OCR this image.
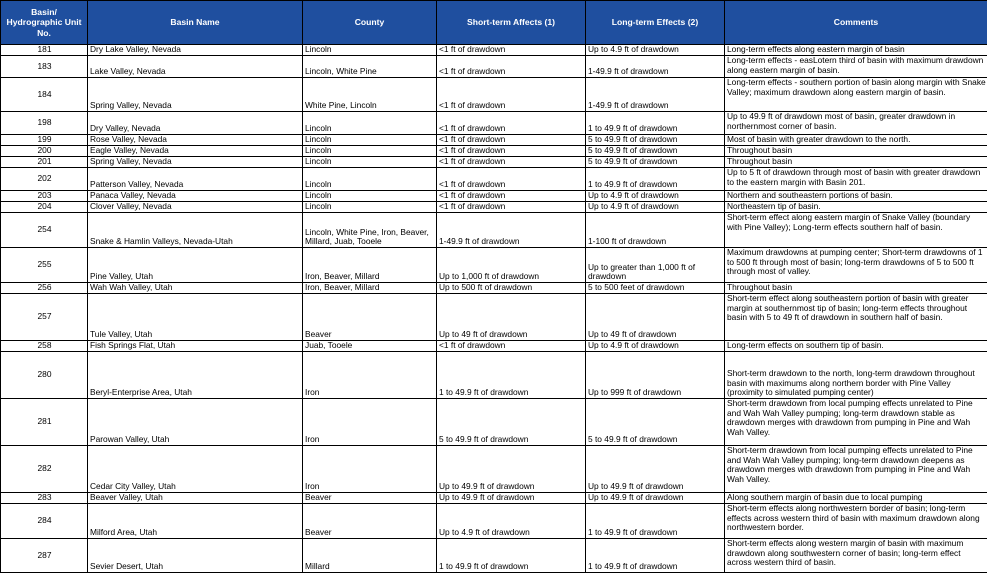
Basin/ Hydrographic Unit No.	Basin Name	County	Short-term Affects (1)	Long-term Effects (2)	Comments
181	Dry Lake Valley, Nevada	Lincoln	<1 ft of drawdown	Up to 4.9 ft of drawdown	Long-term effects along eastern margin of basin
183	Lake Valley, Nevada	Lincoln, White Pine	<1 ft of drawdown	1-49.9 ft of drawdown	Long-term effects - easLotern third of basin with maximum drawdown along eastern margin of basin.
184	Spring Valley, Nevada	White Pine, Lincoln	<1 ft of drawdown	1-49.9 ft of drawdown	Long-term effects - southern portion of basin along margin with Snake Valley; maximum drawdown along eastern margin of basin.
198	Dry Valley, Nevada	Lincoln	<1 ft of drawdown	1 to 49.9 ft of drawdown	Up to 49.9 ft of drawdown most of basin, greater drawdown in northernmost corner of basin.
199	Rose Valley, Nevada	Lincoln	<1 ft of drawdown	5 to 49.9 ft of drawdown	Most of basin with greater drawdown to the north.
200	Eagle Valley, Nevada	Lincoln	<1 ft of drawdown	5 to 49.9 ft of drawdown	Throughout basin
201	Spring Valley, Nevada	Lincoln	<1 ft of drawdown	5 to 49.9 ft of drawdown	Throughout basin
202	Patterson Valley, Nevada	Lincoln	<1 ft of drawdown	1 to 49.9 ft of drawdown	Up to 5 ft of drawdown through most of basin with greater drawdown to the eastern margin with Basin 201.
203	Panaca Valley, Nevada	Lincoln	<1 ft of drawdown	Up to 4.9 ft of drawdown	Northern and southeastern portions of basin.
204	Clover Valley, Nevada	Lincoln	<1 ft of drawdown	Up to 4.9 ft of drawdown	Northeastern tip of basin.
254	Snake & Hamlin Valleys, Nevada-Utah	Lincoln, White Pine, Iron, Beaver, Millard, Juab, Tooele	1-49.9 ft of drawdown	1-100 ft of drawdown	Short-term effect along eastern margin of Snake Valley (boundary with Pine Valley); Long-term effects southern half of basin.
255	Pine Valley, Utah	Iron, Beaver, Millard	Up to 1,000 ft of drawdown	Up to greater than 1,000 ft of drawdown	Maximum drawdowns at pumping center; Short-term drawdowns of 1 to 500 ft through most of basin; long-term drawdowns of 5 to 500 ft through most of valley.
256	Wah Wah Valley, Utah	Iron, Beaver, Millard	Up to 500 ft of drawdown	5 to 500 feet of drawdown	Throughout basin
257	Tule Valley, Utah	Beaver	Up to 49 ft of drawdown	Up to 49 ft of drawdown	Short-term effect along southeastern portion of basin with greater margin at southernmost tip of basin; long-term effects throughout basin with 5 to 49 ft of drawdown in southern half of basin.
258	Fish Springs Flat, Utah	Juab, Tooele	<1 ft of drawdown	Up to 4.9 ft of drawdown	Long-term effects on southern tip of basin.
280	Beryl-Enterprise Area, Utah	Iron	1 to 49.9 ft of drawdown	Up to 999 ft of drawdown	Short-term drawdown to the north, long-term drawdown throughout basin with maximums along northern border with Pine Valley (proximity to simulated pumping center)
281	Parowan Valley, Utah	Iron	5 to 49.9 ft of drawdown	5 to 49.9 ft of drawdown	Short-term drawdown from local pumping effects unrelated to Pine and Wah Wah Valley pumping; long-term drawdown stable as drawdown merges with drawdown from pumping in Pine and Wah Wah Valley.
282	Cedar City Valley, Utah	Iron	Up to 49.9 ft of drawdown	Up to 49.9 ft of drawdown	Short-term drawdown from local pumping effects unrelated to Pine and Wah Wah Valley pumping; long-term drawdown deepens as drawdown merges with drawdown from pumping in Pine and Wah Wah Valley.
283	Beaver Valley, Utah	Beaver	Up to 49.9 ft of drawdown	Up to 49.9 ft of drawdown	Along southern margin of basin due to local pumping
284	Milford Area, Utah	Beaver	Up to 4.9 ft of drawdown	1 to 49.9 ft of drawdown	Short-term effects along northwestern border of basin; long-term effects across western third of basin with maximum drawdown along northwestern border.
287	Sevier Desert, Utah	Millard	1 to 49.9 ft of drawdown	1 to 49.9 ft of drawdown	Short-term effects along western margin of basin with maximum drawdown along southwestern corner of basin; long-term effect across western third of basin.
